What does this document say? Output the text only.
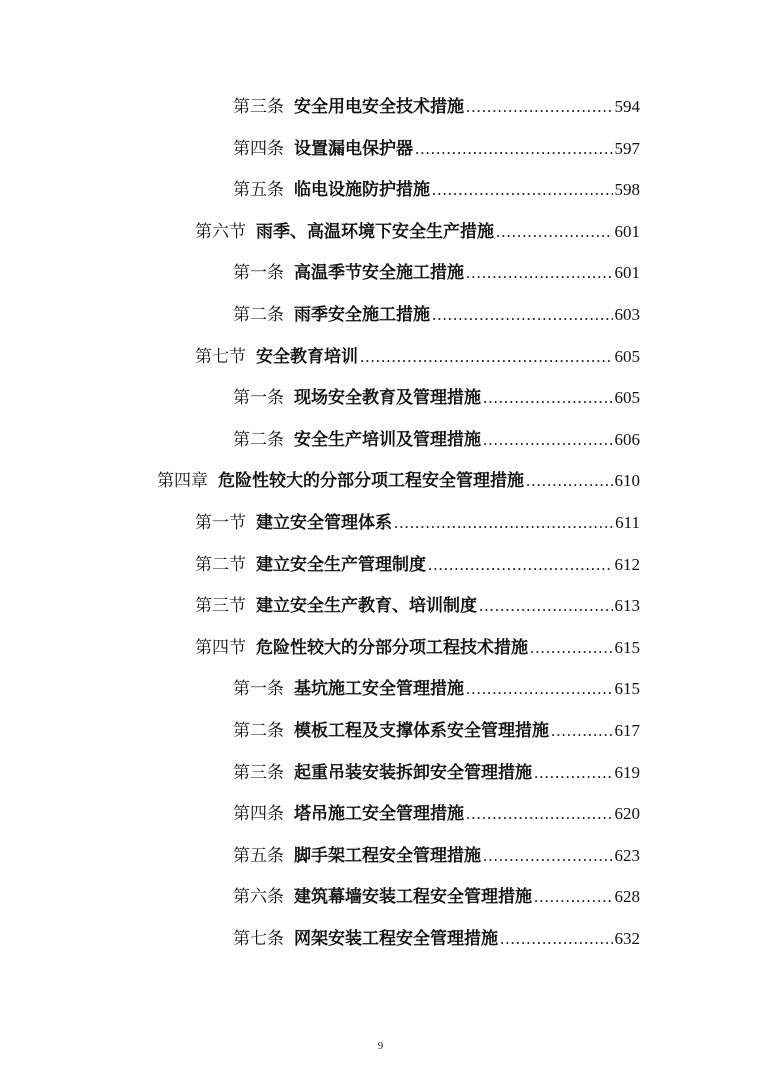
第三条 安全用电安全技术措施 .....	594
第四条 设置漏电保护器 .....	597
第五条 临电设施防护措施 .....	598
第六节 雨季、高温环境下安全生产措施 .....	601
第一条 高温季节安全施工措施 .....	601
第二条 雨季安全施工措施 .....	603
第七节 安全教育培训 .....	605
第一条 现场安全教育及管理措施 .....	605
第二条 安全生产培训及管理措施 .....	606
第四章 危险性较大的分部分项工程安全管理措施 .....	610
第一节 建立安全管理体系 .....	611
第二节 建立安全生产管理制度 .....	612
第三节 建立安全生产教育、培训制度 .....	613
第四节 危险性较大的分部分项工程技术措施 .....	615
第一条 基坑施工安全管理措施 .....	615
第二条 模板工程及支撑体系安全管理措施 .....	617
第三条 起重吊装安装拆卸安全管理措施 .....	619
第四条 塔吊施工安全管理措施 .....	620
第五条 脚手架工程安全管理措施 .....	623
第六条 建筑幕墙安装工程安全管理措施 .....	628
第七条 网架安装工程安全管理措施 .....	632
9
